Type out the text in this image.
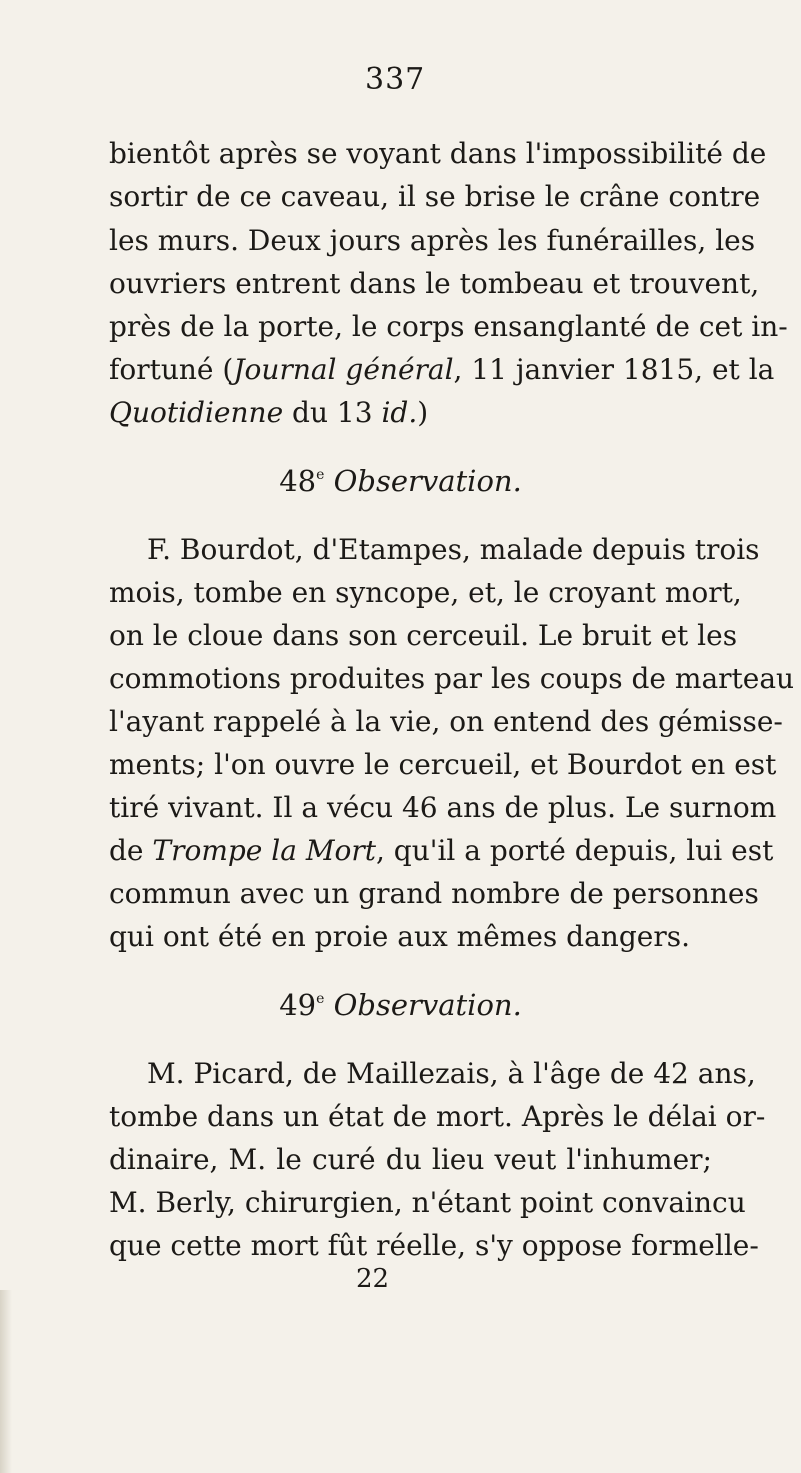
337
bientôt après se voyant dans l'impossibilité de
sortir de ce caveau, il se brise le crâne contre
les murs. Deux jours après les funérailles, les
ouvriers entrent dans le tombeau et trouvent,
près de la porte, le corps ensanglanté de cet in-
fortuné (Journal général, 11 janvier 1815, et la
Quotidienne du 13 id.)
48e Observation.
F. Bourdot, d'Etampes, malade depuis trois
mois, tombe en syncope, et, le croyant mort,
on le cloue dans son cerceuil. Le bruit et les
commotions produites par les coups de marteau
l'ayant rappelé à la vie, on entend des gémisse-
ments; l'on ouvre le cercueil, et Bourdot en est
tiré vivant. Il a vécu 46 ans de plus. Le surnom
de Trompe la Mort, qu'il a porté depuis, lui est
commun avec un grand nombre de personnes
qui ont été en proie aux mêmes dangers.
49e Observation.
M. Picard, de Maillezais, à l'âge de 42 ans,
tombe dans un état de mort. Après le délai or-
dinaire, M. le curé du lieu veut l'inhumer;
M. Berly, chirurgien, n'étant point convaincu
que cette mort fût réelle, s'y oppose formelle-
22
